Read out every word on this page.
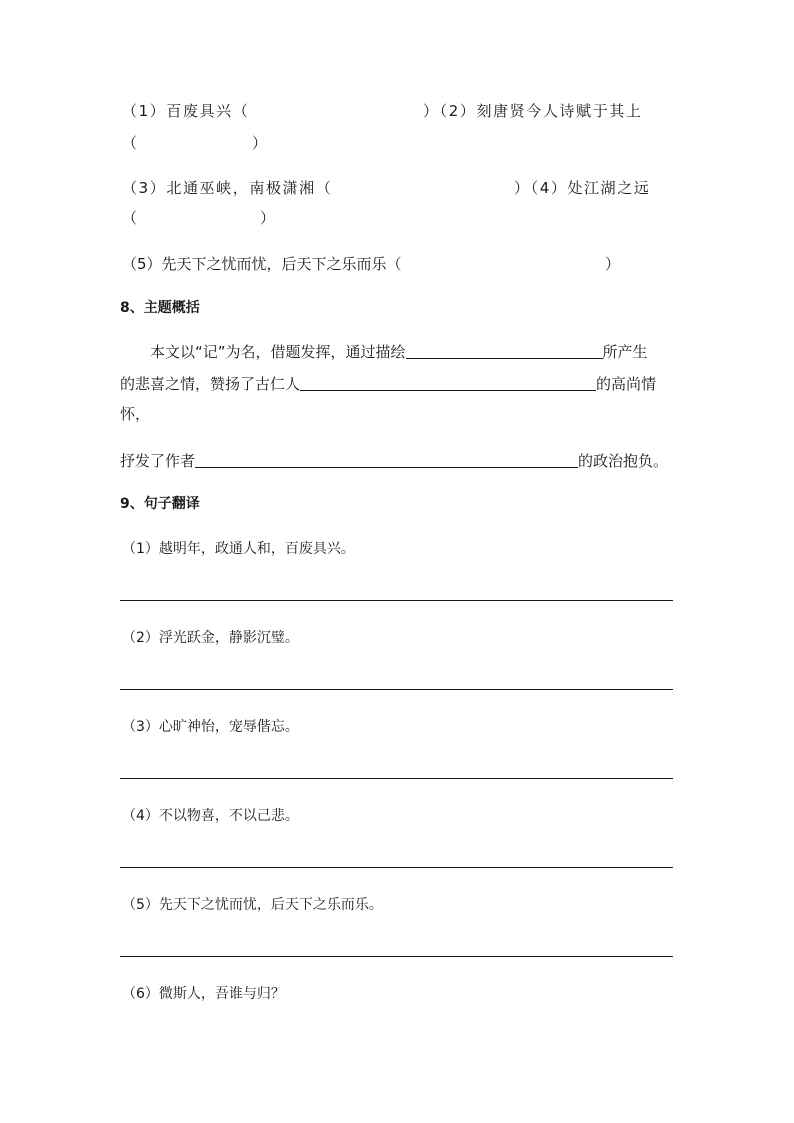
（1）百废具兴（	）（2）刻唐贤今人诗赋于其上
（	）
（3）北通巫峡，南极潇湘（	）（4）处江湖之远
（	）
（5）先天下之忧而忧，后天下之乐而乐（	）
8、主题概括
本文以“记”为名，借题发挥，通过描绘	所产生
的悲喜之情，赞扬了古仁人	的高尚情
怀，
抒发了作者	的政治抱负。
9、句子翻译
（1）越明年，政通人和，百废具兴。
（2）浮光跃金，静影沉璧。
（3）心旷神怡，宠辱偕忘。
（4）不以物喜，不以己悲。
（5）先天下之忧而忧，后天下之乐而乐。
（6）微斯人，吾谁与归？
